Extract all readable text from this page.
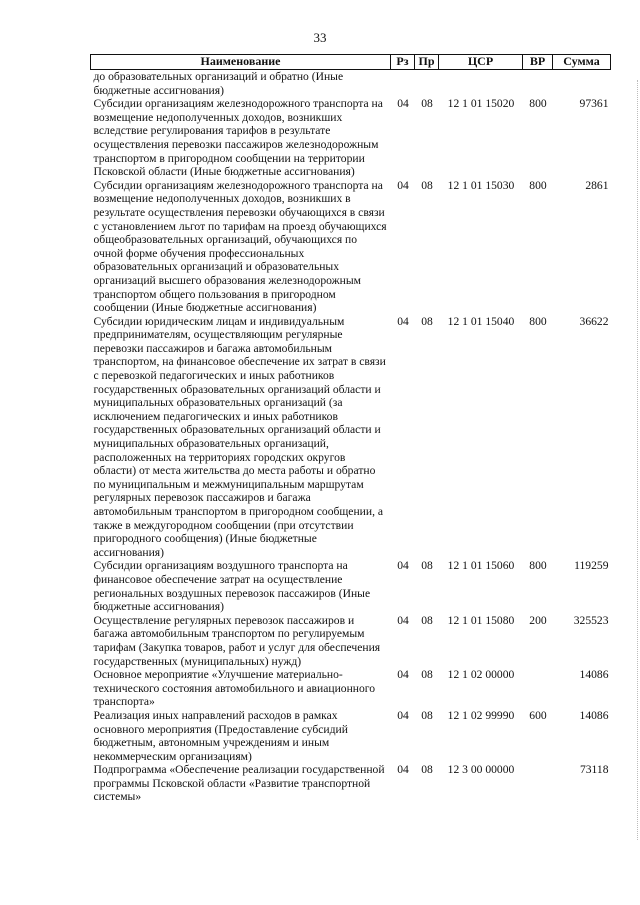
33
Наименование	Рз	Пр	ЦСР	ВР	Сумма
до образовательных организаций и обратно (Иные бюджетные ассигнования)					
Субсидии организациям железнодорожного транспорта на возмещение недополученных доходов, возникших вследствие регулирования тарифов в результате осуществления перевозки пассажиров железнодорожным транспортом в пригородном сообщении на территории Псковской области (Иные бюджетные ассигнования)	04	08	12 1 01 15020	800	97361
Субсидии организациям железнодорожного транспорта на возмещение недополученных доходов, возникших в результате осуществления перевозки обучающихся в связи с установлением льгот по тарифам на проезд обучающихся общеобразовательных организаций, обучающихся по очной форме обучения профессиональных образовательных организаций и образовательных организаций высшего образования железнодорожным транспортом общего пользования в пригородном сообщении (Иные бюджетные ассигнования)	04	08	12 1 01 15030	800	2861
Субсидии юридическим лицам и индивидуальным предпринимателям, осуществляющим регулярные перевозки пассажиров и багажа автомобильным транспортом, на финансовое обеспечение их затрат в связи с перевозкой педагогических и иных работников государственных образовательных организаций области и муниципальных образовательных организаций (за исключением педагогических и иных работников государственных образовательных организаций области и муниципальных образовательных организаций, расположенных на территориях городских округов области) от места жительства до места работы и обратно по муниципальным и межмуниципальным маршрутам регулярных перевозок пассажиров и багажа автомобильным транспортом в пригородном сообщении, а также в междугородном сообщении (при отсутствии пригородного сообщения) (Иные бюджетные ассигнования)	04	08	12 1 01 15040	800	36622
Субсидии организациям воздушного транспорта на финансовое обеспечение затрат на осуществление региональных воздушных перевозок пассажиров (Иные бюджетные ассигнования)	04	08	12 1 01 15060	800	119259
Осуществление регулярных перевозок пассажиров и багажа автомобильным транспортом по регулируемым тарифам (Закупка товаров, работ и услуг для обеспечения государственных (муниципальных) нужд)	04	08	12 1 01 15080	200	325523
Основное мероприятие «Улучшение материально-технического состояния автомобильного и авиационного транспорта»	04	08	12 1 02 00000		14086
Реализация иных направлений расходов в рамках основного мероприятия (Предоставление субсидий бюджетным, автономным учреждениям и иным некоммерческим организациям)	04	08	12 1 02 99990	600	14086
Подпрограмма «Обеспечение реализации государственной программы Псковской области «Развитие транспортной системы»	04	08	12 3 00 00000		73118
